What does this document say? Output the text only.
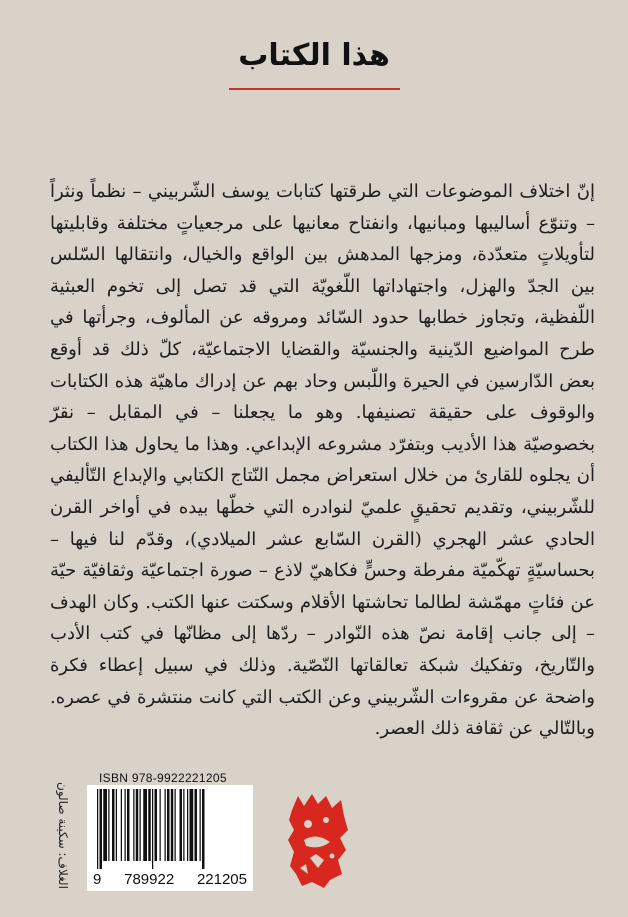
هذا الكتاب
إنّ اختلاف الموضوعات التي طرقتها كتابات يوسف الشّربيني – نظماً ونثراً – وتنوّع أساليبها ومبانيها، وانفتاح معانيها على مرجعياتٍ مختلفة وقابليتها لتأويلاتٍ متعدّدة، ومزجها المدهش بين الواقع والخيال، وانتقالها السّلس بين الجدّ والهزل، واجتهاداتها اللّغويّة التي قد تصل إلى تخوم العبثية اللّفظية، وتجاوز خطابها حدود السّائد ومروقه عن المألوف، وجرأتها في طرح المواضيع الدّينية والجنسيّة والقضايا الاجتماعيّة، كلّ ذلك قد أوقع بعض الدّارسين في الحيرة واللّبس وحاد بهم عن إدراك ماهيّة هذه الكتابات والوقوف على حقيقة تصنيفها. وهو ما يجعلنا – في المقابل – نقرّ بخصوصيّة هذا الأديب وبتفرّد مشروعه الإبداعي. وهذا ما يحاول هذا الكتاب أن يجلوه للقارئ من خلال استعراض مجمل النّتاج الكتابي والإبداع التّأليفي للشّربيني، وتقديم تحقيقٍ علميّ لنوادره التي خطّها بيده في أواخر القرن الحادي عشر الهجري (القرن السّابع عشر الميلادي)، وقدّم لنا فيها – بحساسيّةٍ تهكّميّة مفرطة وحسٍّ فكاهيّ لاذع – صورة اجتماعيّة وثقافيّة حيّة عن فئاتٍ مهمّشة لطالما تحاشتها الأقلام وسكتت عنها الكتب. وكان الهدف – إلى جانب إقامة نصّ هذه النّوادر – ردّها إلى مظانّها في كتب الأدب والتّاريخ، وتفكيك شبكة تعالقاتها النّصّية. وذلك في سبيل إعطاء فكرة واضحة عن مقروءات الشّربيني وعن الكتب التي كانت منتشرة في عصره. وبالتّالي عن ثقافة ذلك العصر.
ISBN 978-9922221205
9 789922 221205
الغلاف: سكينة صالون
